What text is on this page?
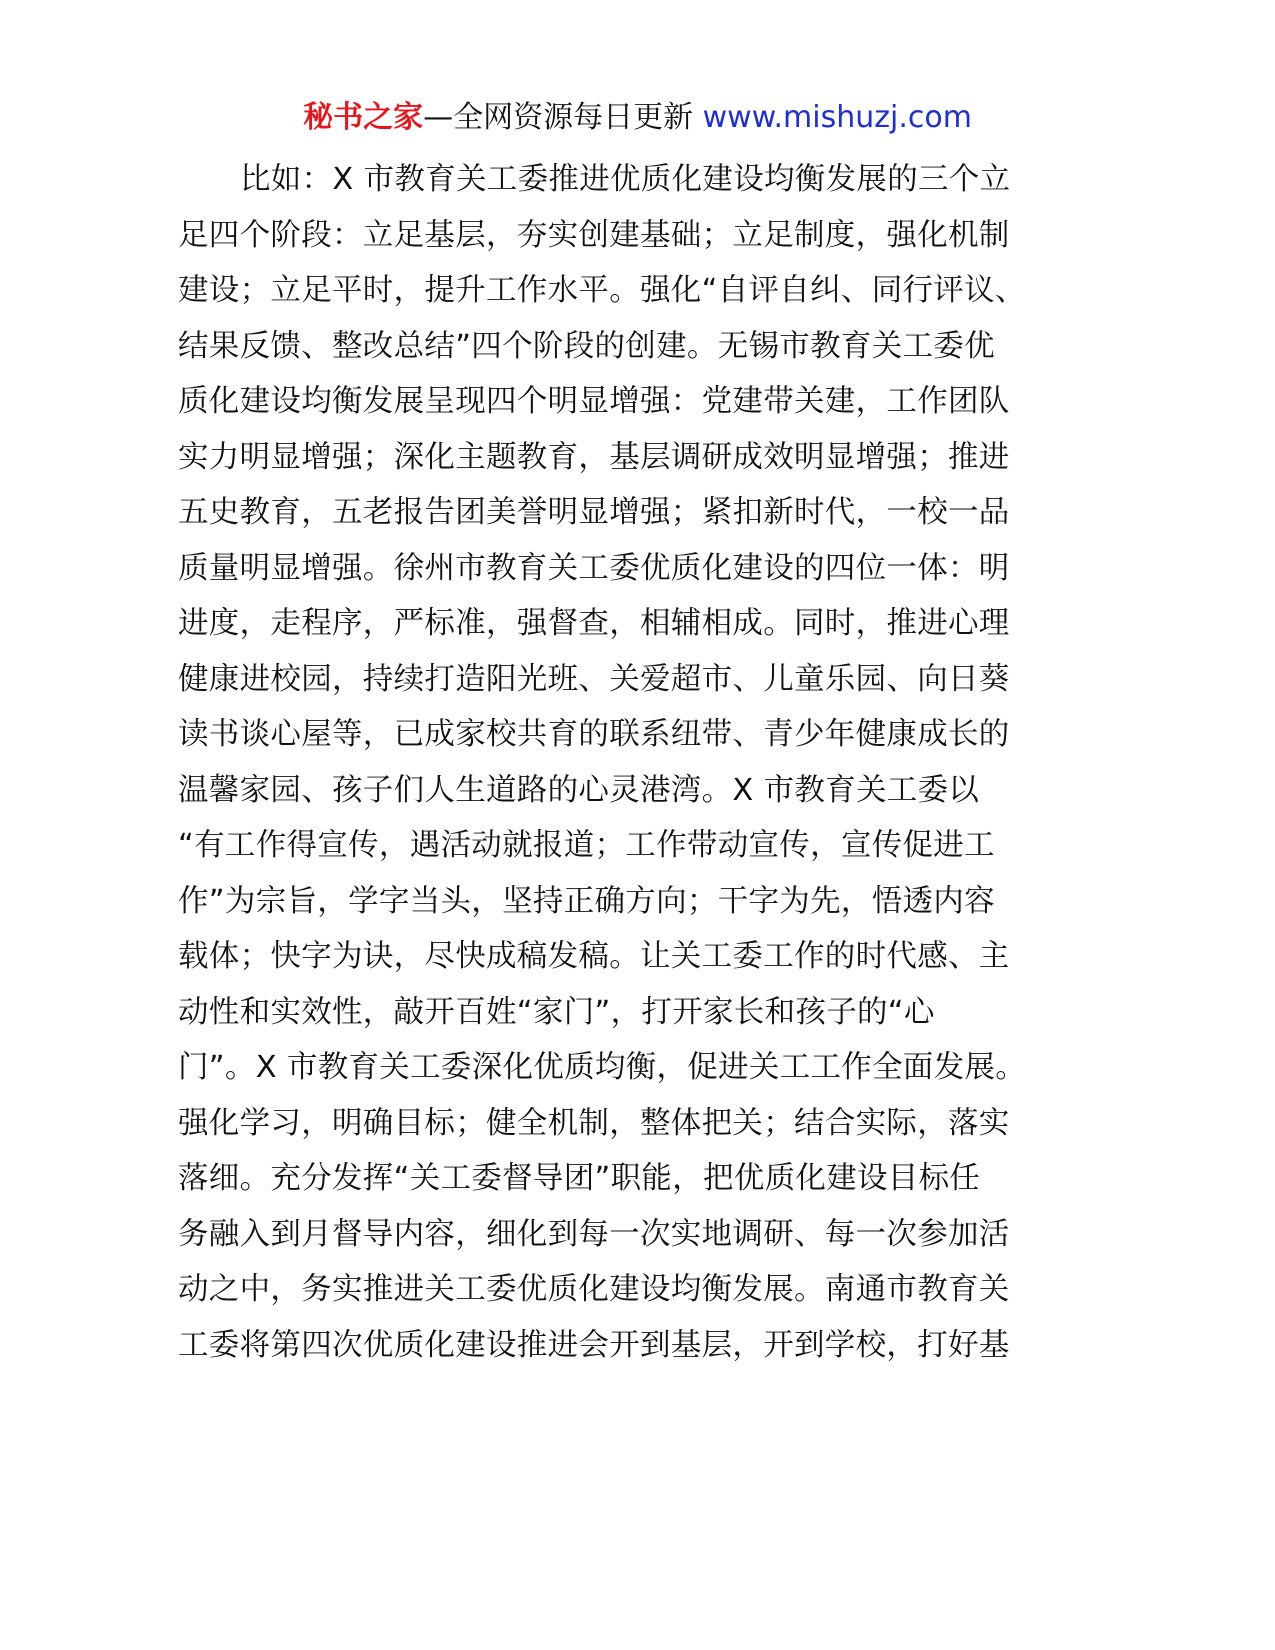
秘书之家—全网资源每日更新 www.mishuzj.com
比如：X 市教育关工委推进优质化建设均衡发展的三个立
足四个阶段：立足基层，夯实创建基础；立足制度，强化机制
建设；立足平时，提升工作水平。强化“自评自纠、同行评议、
结果反馈、整改总结”四个阶段的创建。无锡市教育关工委优
质化建设均衡发展呈现四个明显增强：党建带关建，工作团队
实力明显增强；深化主题教育，基层调研成效明显增强；推进
五史教育，五老报告团美誉明显增强；紧扣新时代，一校一品
质量明显增强。徐州市教育关工委优质化建设的四位一体：明
进度，走程序，严标准，强督查，相辅相成。同时，推进心理
健康进校园，持续打造阳光班、关爱超市、儿童乐园、向日葵
读书谈心屋等，已成家校共育的联系纽带、青少年健康成长的
温馨家园、孩子们人生道路的心灵港湾。X 市教育关工委以
“有工作得宣传，遇活动就报道；工作带动宣传，宣传促进工
作”为宗旨，学字当头，坚持正确方向；干字为先，悟透内容
载体；快字为诀，尽快成稿发稿。让关工委工作的时代感、主
动性和实效性，敲开百姓“家门”，打开家长和孩子的“心
门”。X 市教育关工委深化优质均衡，促进关工工作全面发展。
强化学习，明确目标；健全机制，整体把关；结合实际，落实
落细。充分发挥“关工委督导团”职能，把优质化建设目标任
务融入到月督导内容，细化到每一次实地调研、每一次参加活
动之中，务实推进关工委优质化建设均衡发展。南通市教育关
工委将第四次优质化建设推进会开到基层，开到学校，打好基
